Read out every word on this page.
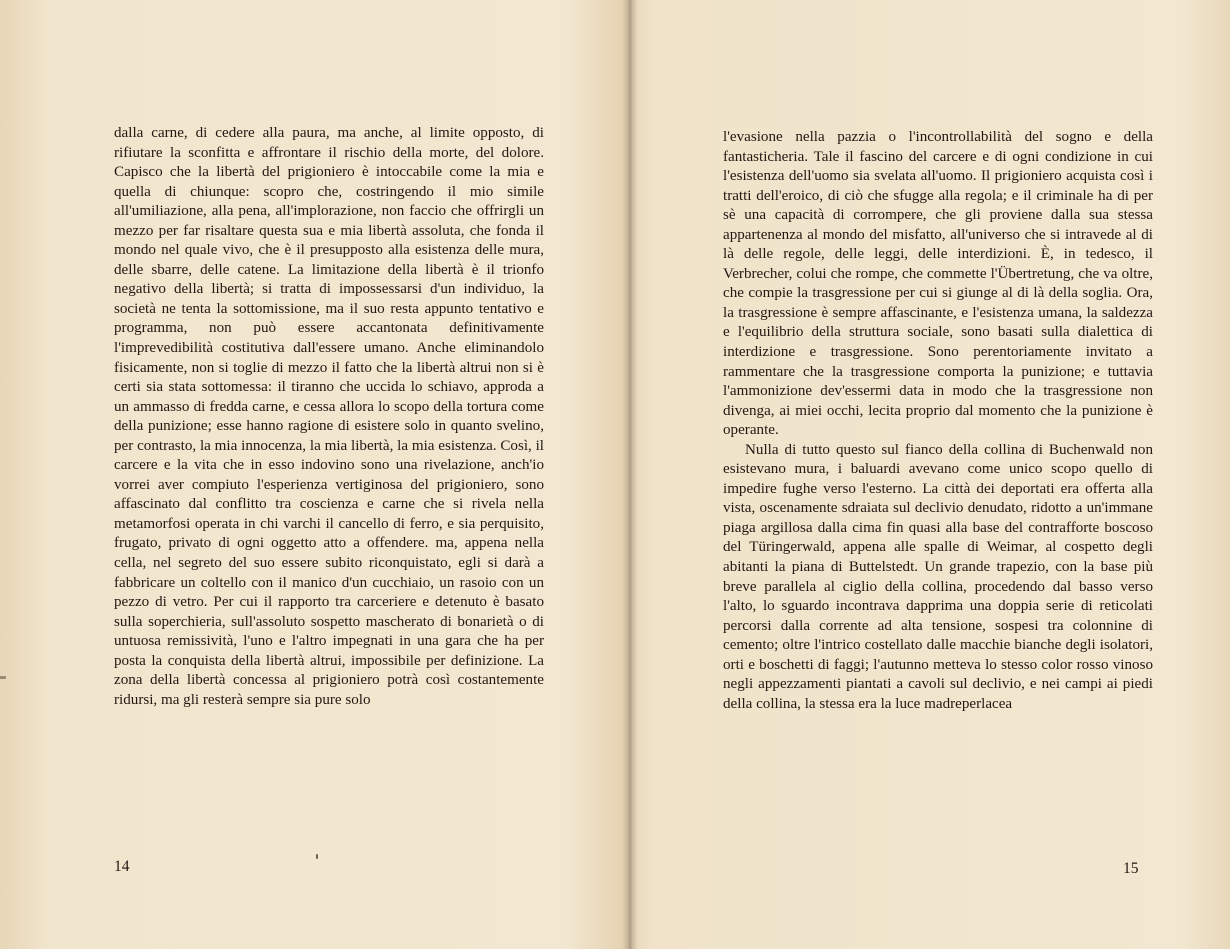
dalla carne, di cedere alla paura, ma anche, al limite opposto, di rifiutare la sconfitta e affrontare il rischio della morte, del dolore. Capisco che la libertà del prigioniero è intoccabile come la mia e quella di chiunque: scopro che, costringendo il mio simile all'umiliazione, alla pena, all'implorazione, non faccio che offrirgli un mezzo per far risaltare questa sua e mia libertà assoluta, che fonda il mondo nel quale vivo, che è il presupposto alla esistenza delle mura, delle sbarre, delle catene. La limitazione della libertà è il trionfo negativo della libertà; si tratta di impossessarsi d'un individuo, la società ne tenta la sottomissione, ma il suo resta appunto tentativo e programma, non può essere accantonata definitivamente l'imprevedibilità costitutiva dall'essere umano. Anche eliminandolo fisicamente, non si toglie di mezzo il fatto che la libertà altrui non si è certi sia stata sottomessa: il tiranno che uccida lo schiavo, approda a un ammasso di fredda carne, e cessa allora lo scopo della tortura come della punizione; esse hanno ragione di esistere solo in quanto svelino, per contrasto, la mia innocenza, la mia libertà, la mia esistenza. Così, il carcere e la vita che in esso indovino sono una rivelazione, anch'io vorrei aver compiuto l'esperienza vertiginosa del prigioniero, sono affascinato dal conflitto tra coscienza e carne che si rivela nella metamorfosi operata in chi varchi il cancello di ferro, e sia perquisito, frugato, privato di ogni oggetto atto a offendere. ma, appena nella cella, nel segreto del suo essere subito riconquistato, egli si darà a fabbricare un coltello con il manico d'un cucchiaio, un rasoio con un pezzo di vetro. Per cui il rapporto tra carceriere e detenuto è basato sulla soperchieria, sull'assoluto sospetto mascherato di bonarietà o di untuosa remissività, l'uno e l'altro impegnati in una gara che ha per posta la conquista della libertà altrui, impossibile per definizione. La zona della libertà concessa al prigioniero potrà così costantemente ridursi, ma gli resterà sempre sia pure solo

14

l'evasione nella pazzia o l'incontrollabilità del sogno e della fantasticheria. Tale il fascino del carcere e di ogni condizione in cui l'esistenza dell'uomo sia svelata all'uomo. Il prigioniero acquista così i tratti dell'eroico, di ciò che sfugge alla regola; e il criminale ha di per sè una capacità di corrompere, che gli proviene dalla sua stessa appartenenza al mondo del misfatto, all'universo che si intravede al di là delle regole, delle leggi, delle interdizioni. È, in tedesco, il Verbrecher, colui che rompe, che commette l'Übertretung, che va oltre, che compie la trasgressione per cui si giunge al di là della soglia. Ora, la trasgressione è sempre affascinante, e l'esistenza umana, la saldezza e l'equilibrio della struttura sociale, sono basati sulla dialettica di interdizione e trasgressione. Sono perentoriamente invitato a rammentare che la trasgressione comporta la punizione; e tuttavia l'ammonizione dev'essermi data in modo che la trasgressione non divenga, ai miei occhi, lecita proprio dal momento che la punizione è operante.

Nulla di tutto questo sul fianco della collina di Buchenwald non esistevano mura, i baluardi avevano come unico scopo quello di impedire fughe verso l'esterno. La città dei deportati era offerta alla vista, oscenamente sdraiata sul declivio denudato, ridotto a un'immane piaga argillosa dalla cima fin quasi alla base del contrafforte boscoso del Türingerwald, appena alle spalle di Weimar, al cospetto degli abitanti la piana di Buttelstedt. Un grande trapezio, con la base più breve parallela al ciglio della collina, procedendo dal basso verso l'alto, lo sguardo incontrava dapprima una doppia serie di reticolati percorsi dalla corrente ad alta tensione, sospesi tra colonnine di cemento; oltre l'intrico costellato dalle macchie bianche degli isolatori, orti e boschetti di faggi; l'autunno metteva lo stesso color rosso vinoso negli appezzamenti piantati a cavoli sul declivio, e nei campi ai piedi della collina, la stessa era la luce madreperlacea

15
